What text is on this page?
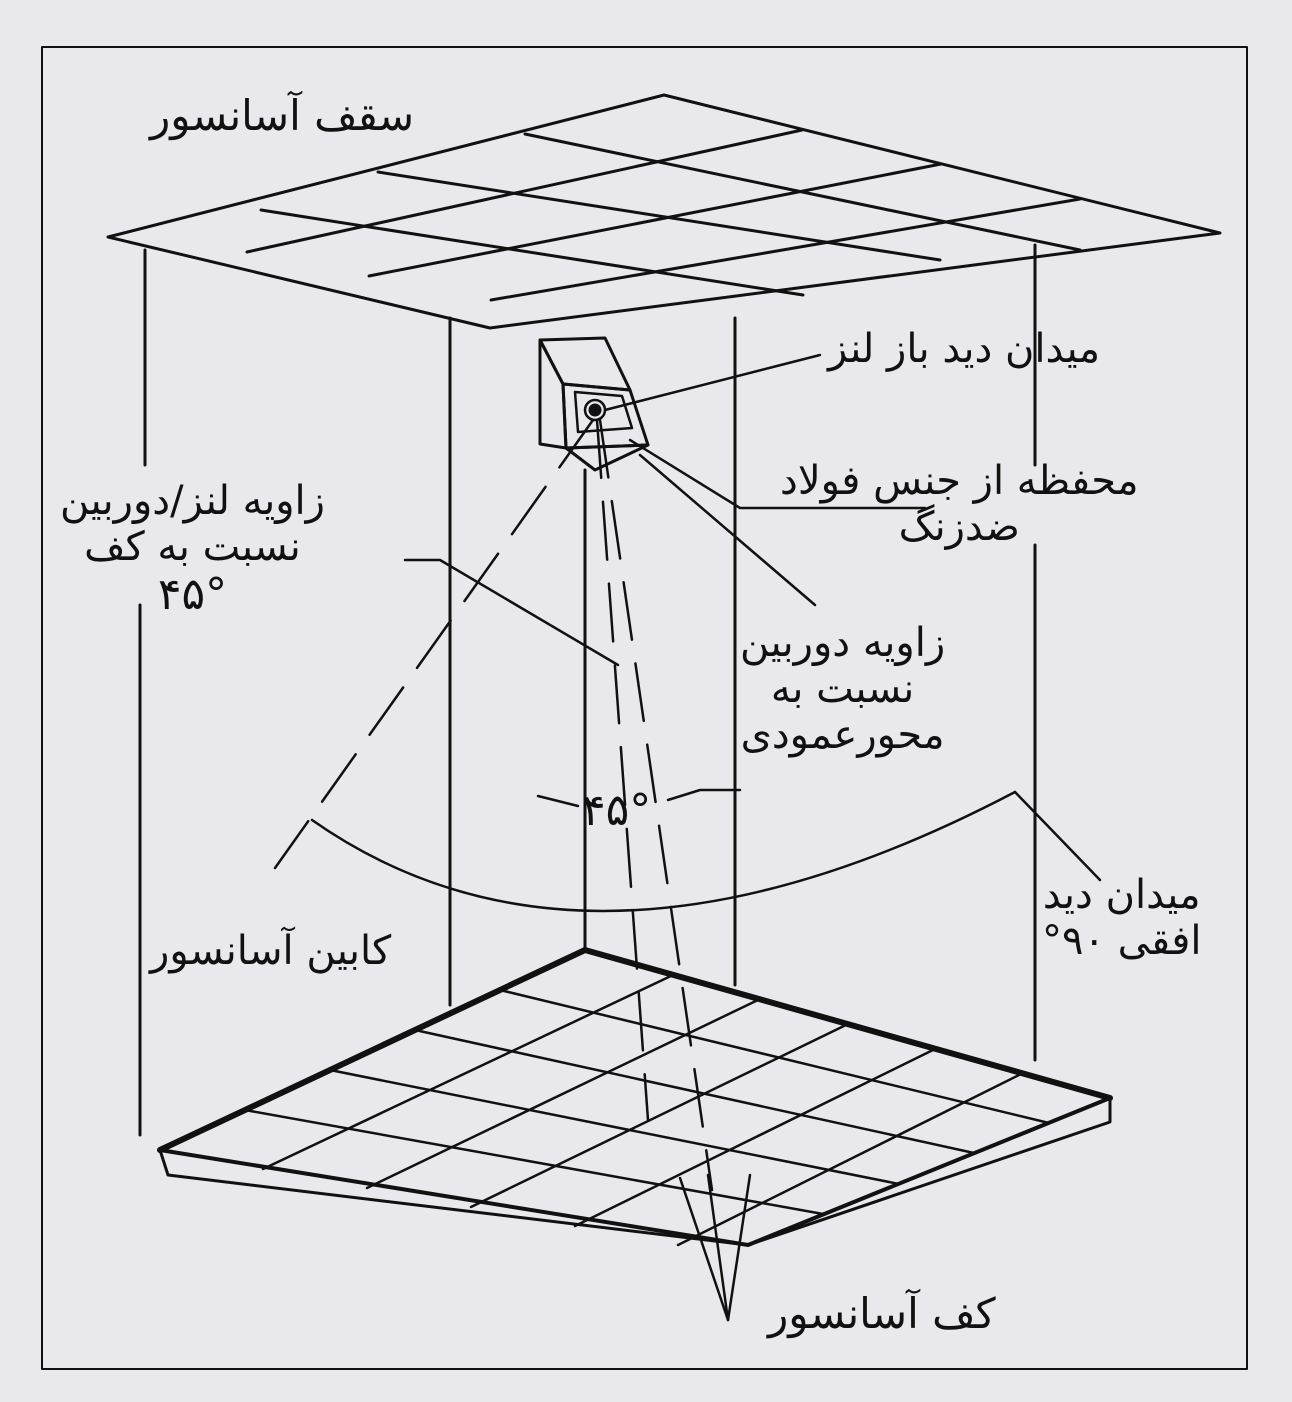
سقف آسانسور
میدان دید باز لنز
محفظه از جنس فولاد
ضدزنگ
زاویه لنز/دوربین
نسبت به کف
۴۵°
زاویه دوربین
نسبت به
محورعمودی
۴۵°
کابین آسانسور
میدان دید
افقی ۹۰°
کف آسانسور
